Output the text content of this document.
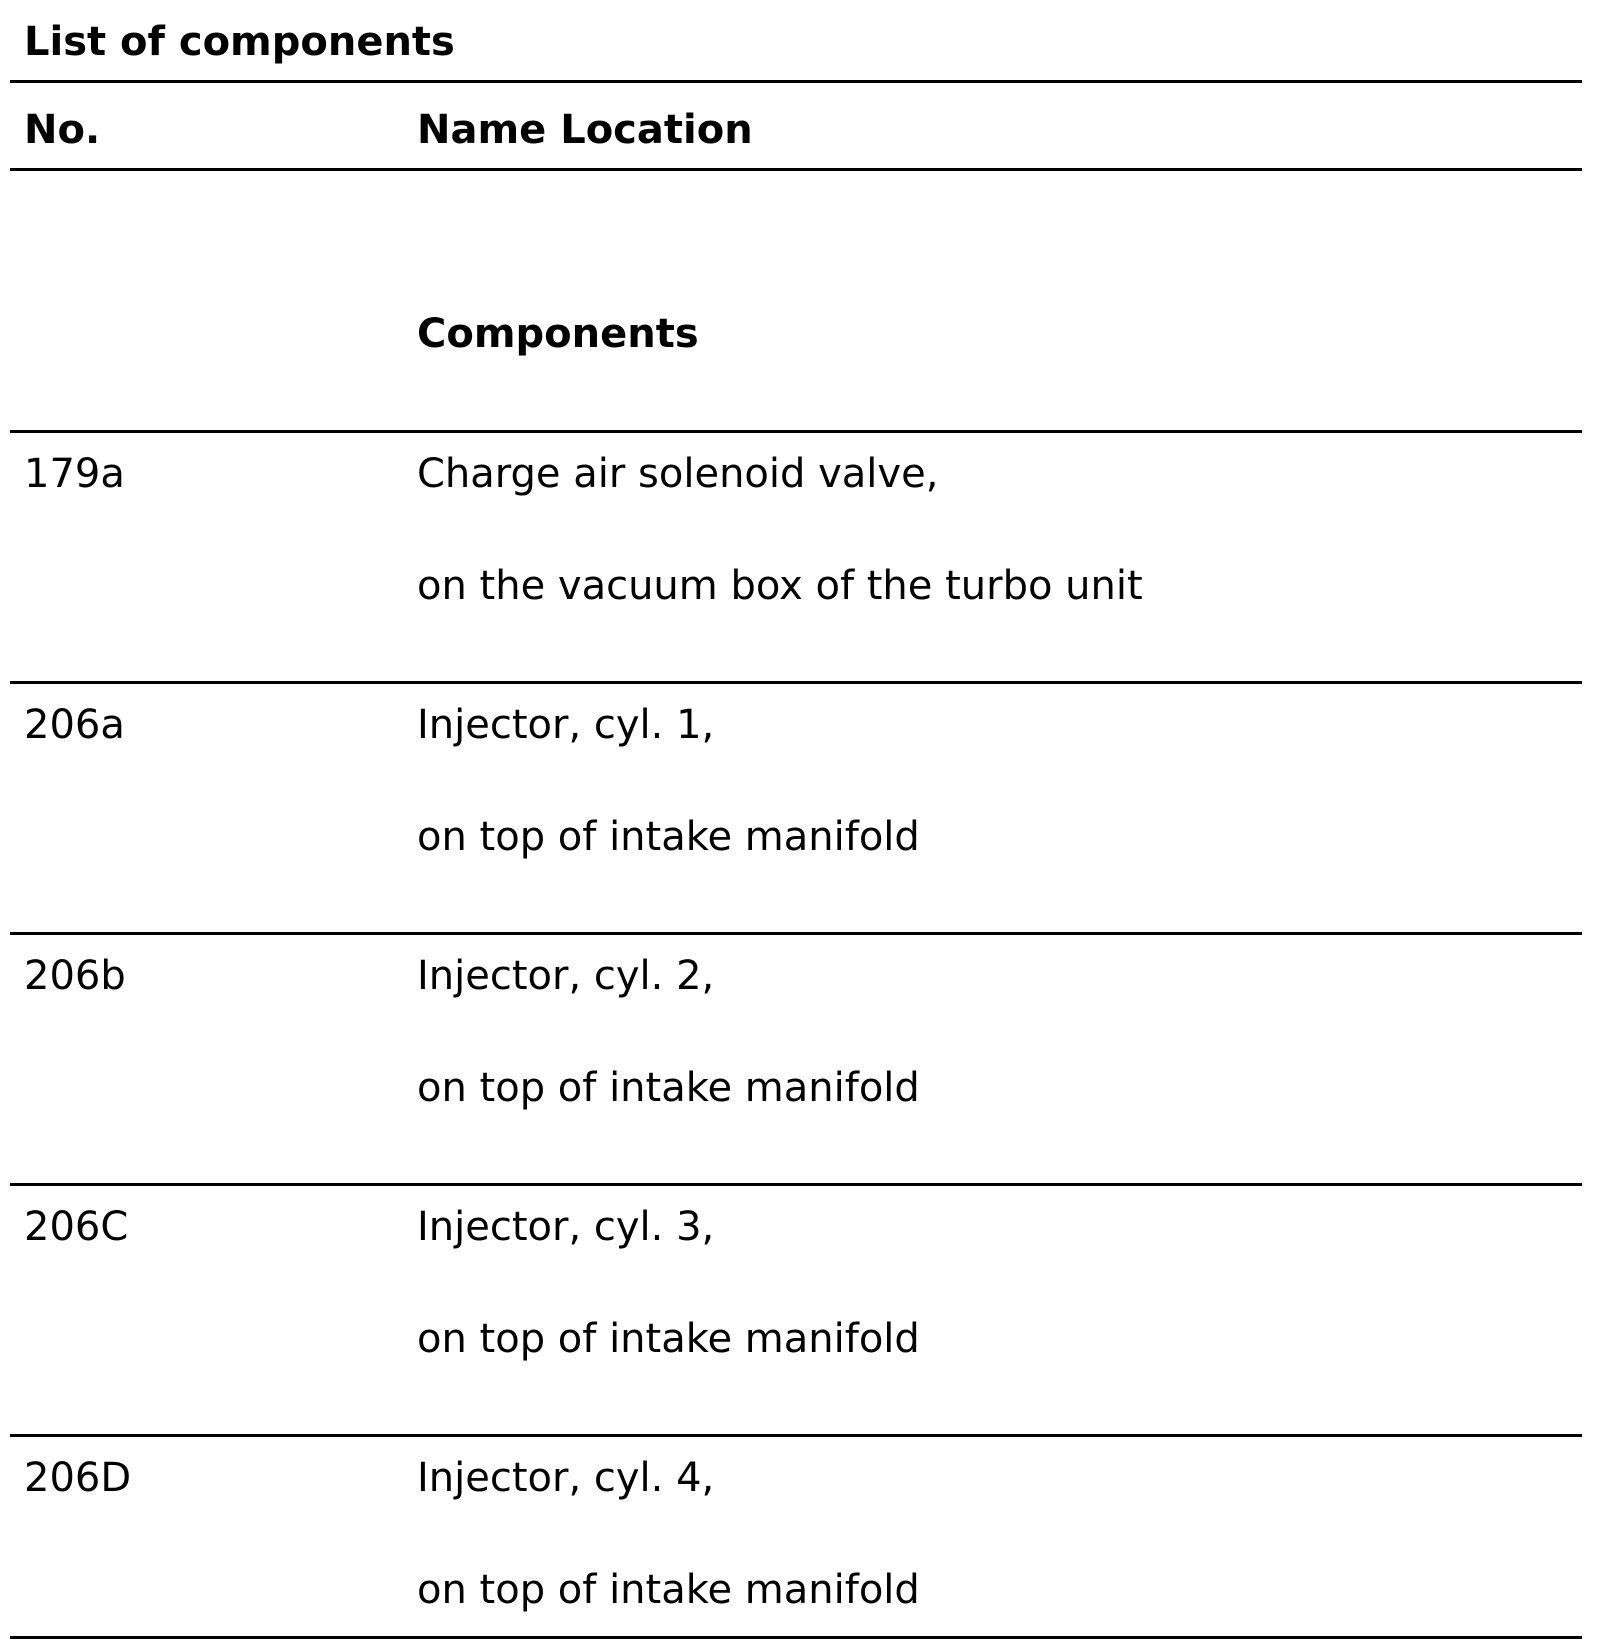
List of components
No.	Name Location
Components
179a	Charge air solenoid valve,
on the vacuum box of the turbo unit
206a	Injector, cyl. 1,
on top of intake manifold
206b	Injector, cyl. 2,
on top of intake manifold
206C	Injector, cyl. 3,
on top of intake manifold
206D	Injector, cyl. 4,
on top of intake manifold
